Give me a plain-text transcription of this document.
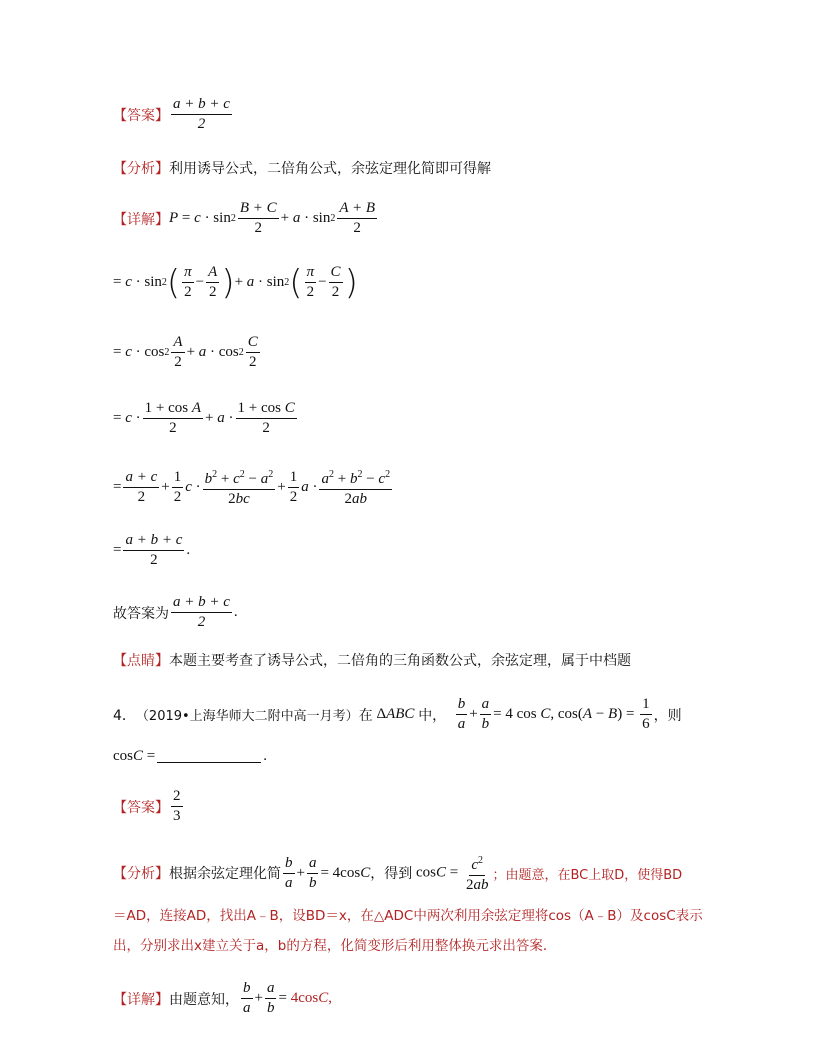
【答案】 $\frac{a + b + c}{2}$
【分析】 利用诱导公式，二倍角公式，余弦定理化简即可得解
【详解】 $P = c \cdot \sin 2 \frac{B + C}{2} + a \cdot \sin 2 \frac{A + B}{2}$
= c · sin 2 ( $\frac{\pi}{2} - \frac{A}{2}$ ) + a · sin 2 ( $\frac{\pi}{2} - \frac{C}{2}$ )
= $c \cdot \cos 2 \frac{A}{2} + a \cdot \cos 2 \frac{C}{2}$
= $c \cdot \frac{\text{1 + cos A}}{2} + a \cdot \frac{\text{1 + cos C}}{2}$
= $\frac{a + c}{2} + \frac{1}{2}$ $c \cdot \frac{b^2 + c^2 - a^2}{2bc} + \frac{1}{2}$ $a \cdot \frac{a^2 + b^2 - c^2}{2ab}$
= $\frac{a + b + c}{2}$ .
故答案为 $\frac{a + b + c}{2}$ .
【点睛】 本题主要考查了诱导公式，二倍角的三角函数公式，余弦定理，属于中档题
4． （2019•上海华师大二附中高一月考） 在 ΔABC 中，
$\frac{b}{a} + \frac{a}{b} = 4$ cos C, $\cos(A - B) = \frac{1}{6}$ ，则
cos C =	.
【答案】 $\frac{2}{3}$
【分析】 根据余弦定理化简 $\frac{b}{a} + \frac{a}{b} = 4\cos C$ ，得到 $\cos C = \frac{c^2}{2ab}$ ；由题意，在BC上取D，使得BD
＝AD，连接AD，找出A﹣B，设BD＝x，在△ADC中两次利用余弦定理将cos（A﹣B）及cosC表示
出，分别求出x建立关于a，b的方程，化简变形后利用整体换元求出答案．
【详解】 由题意知， $\frac{b}{a} + \frac{a}{b} = 4\cos C$,
